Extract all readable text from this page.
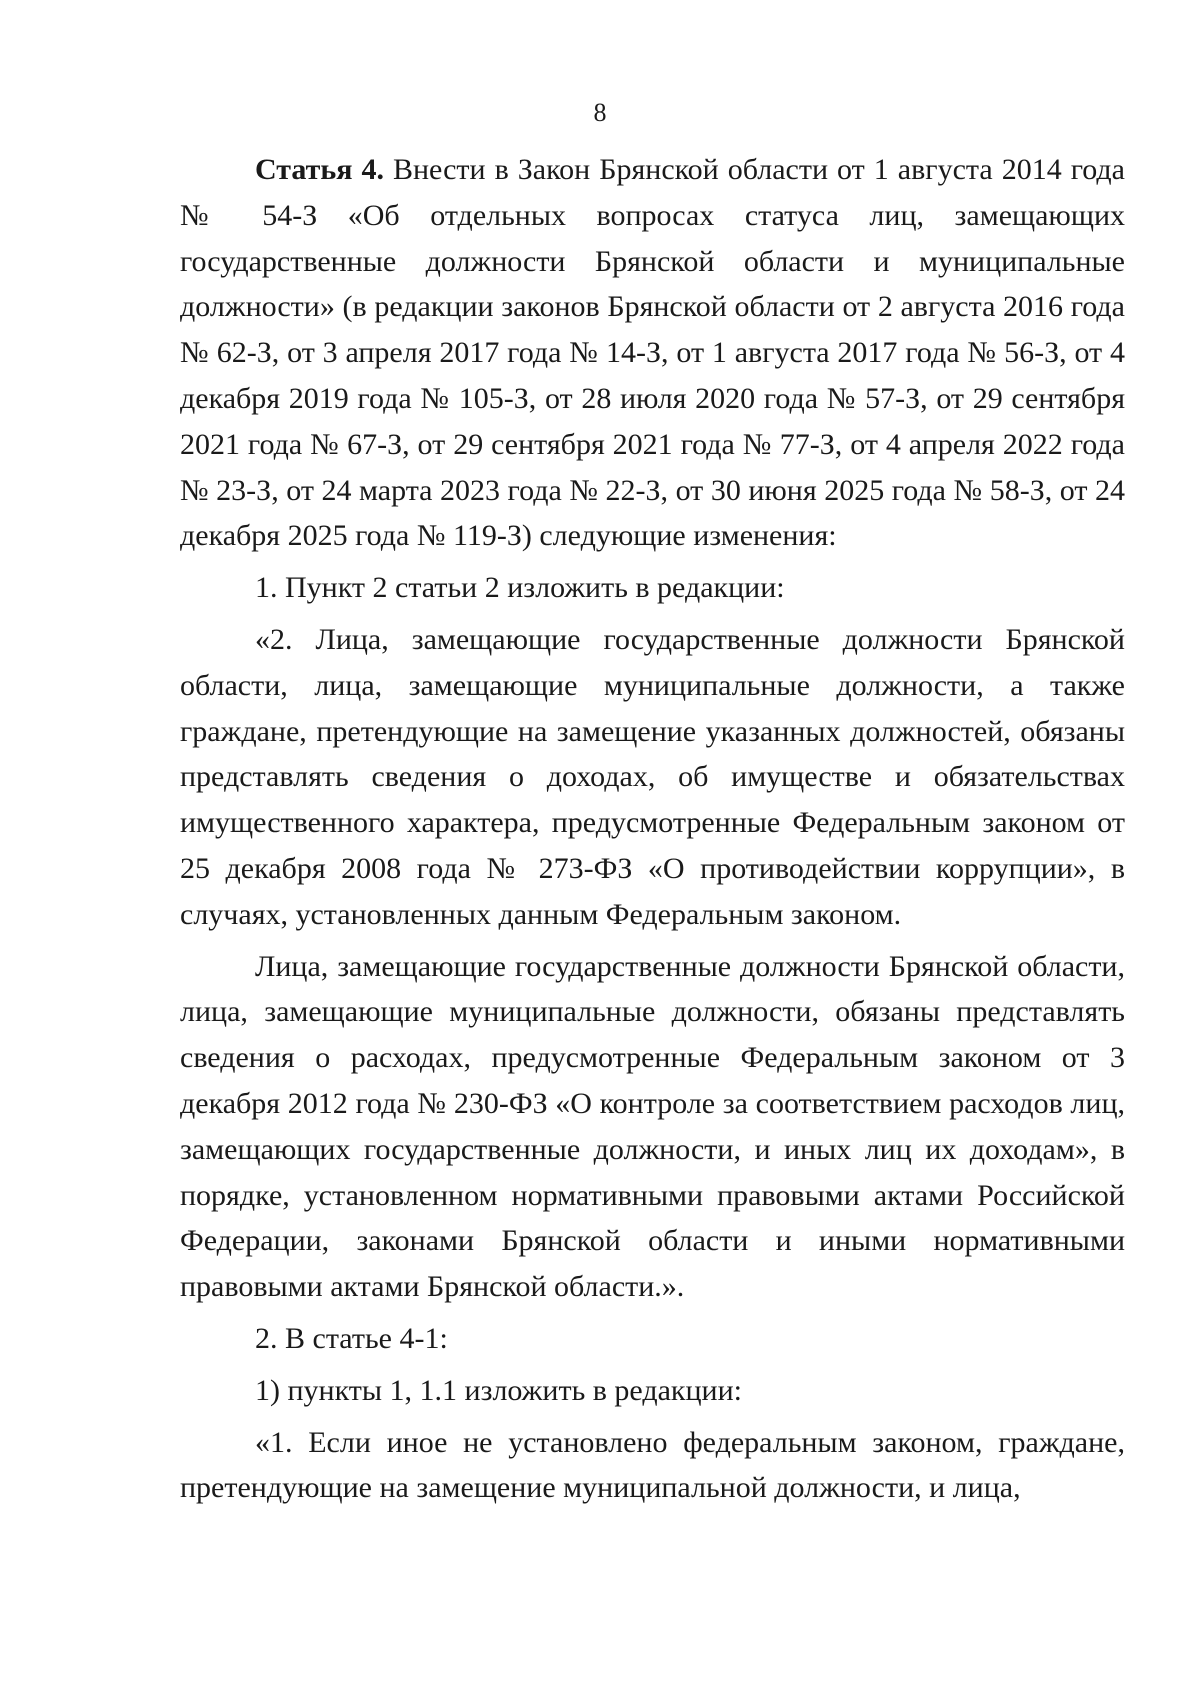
8

Статья 4. Внести в Закон Брянской области от 1 августа 2014 года № 54-З «Об отдельных вопросах статуса лиц, замещающих государственные должности Брянской области и муниципальные должности» (в редакции законов Брянской области от 2 августа 2016 года № 62-З, от 3 апреля 2017 года № 14-З, от 1 августа 2017 года № 56-З, от 4 декабря 2019 года № 105-З, от 28 июля 2020 года № 57-З, от 29 сентября 2021 года № 67-З, от 29 сентября 2021 года № 77-З, от 4 апреля 2022 года № 23-З, от 24 марта 2023 года № 22-З, от 30 июня 2025 года № 58-З, от 24 декабря 2025 года № 119-З) следующие изменения:

1. Пункт 2 статьи 2 изложить в редакции:

«2. Лица, замещающие государственные должности Брянской области, лица, замещающие муниципальные должности, а также граждане, претендующие на замещение указанных должностей, обязаны представлять сведения о доходах, об имуществе и обязательствах имущественного характера, предусмотренные Федеральным законом от 25 декабря 2008 года № 273-ФЗ «О противодействии коррупции», в случаях, установленных данным Федеральным законом.

Лица, замещающие государственные должности Брянской области, лица, замещающие муниципальные должности, обязаны представлять сведения о расходах, предусмотренные Федеральным законом от 3 декабря 2012 года № 230-ФЗ «О контроле за соответствием расходов лиц, замещающих государственные должности, и иных лиц их доходам», в порядке, установленном нормативными правовыми актами Российской Федерации, законами Брянской области и иными нормативными правовыми актами Брянской области.».

2. В статье 4-1:

1) пункты 1, 1.1 изложить в редакции:

«1. Если иное не установлено федеральным законом, граждане, претендующие на замещение муниципальной должности, и лица,
